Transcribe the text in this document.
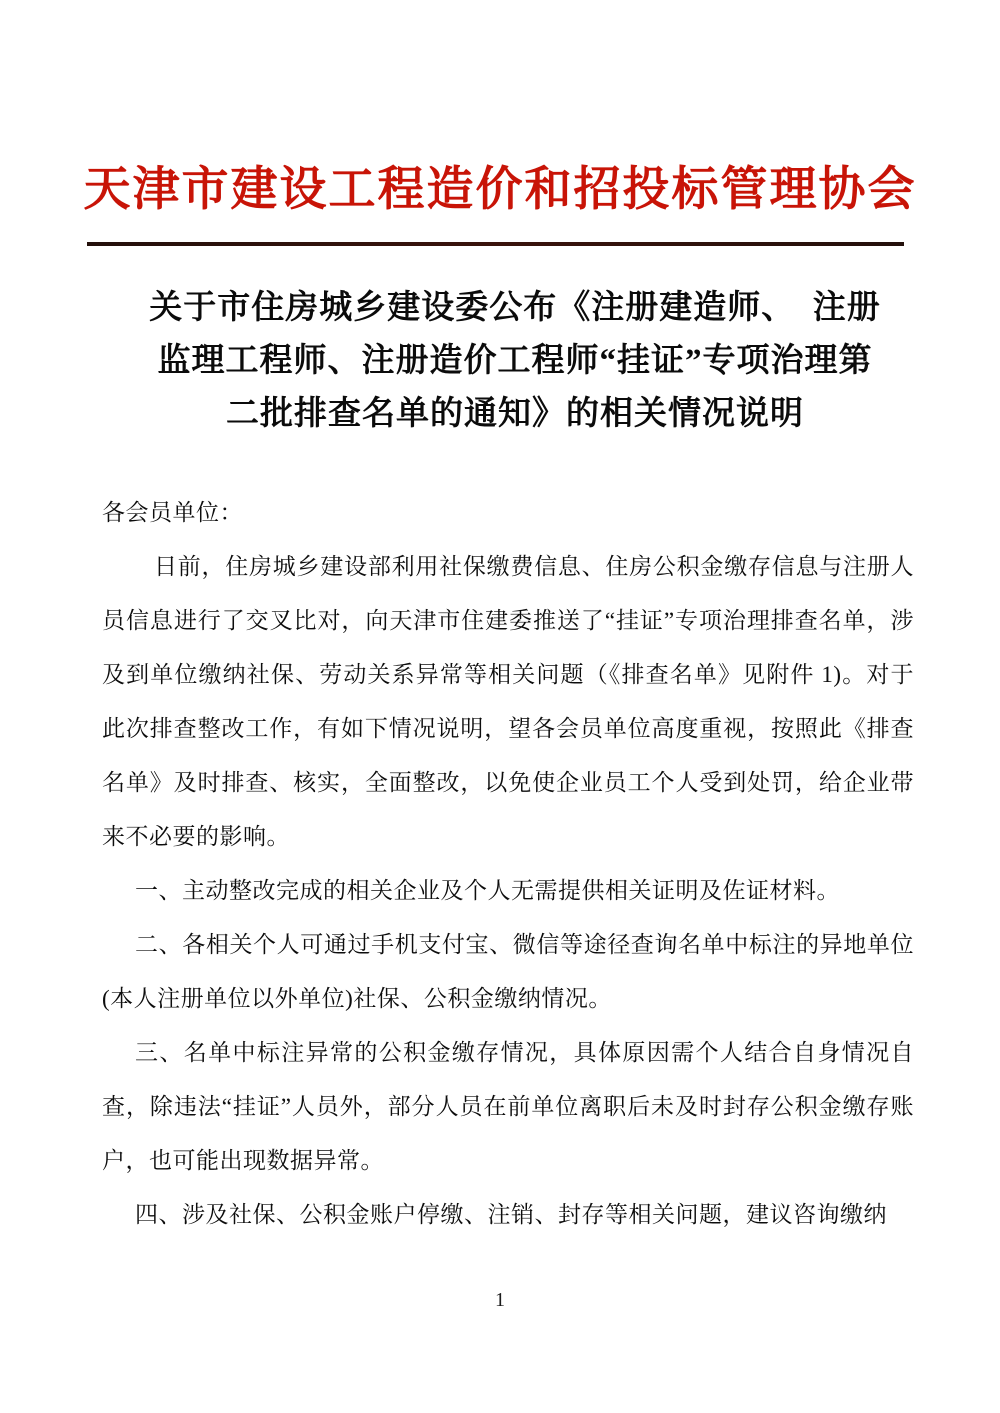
天津市建设工程造价和招投标管理协会
关于市住房城乡建设委公布《注册建造师、　注册
监理工程师、注册造价工程师“挂证”专项治理第
二批排查名单的通知》的相关情况说明
各会员单位：
日前，住房城乡建设部利用社保缴费信息、住房公积金缴存信息与注册人员信息进行了交叉比对，向天津市住建委推送了“挂证”专项治理排查名单，涉及到单位缴纳社保、劳动关系异常等相关问题（《排查名单》见附件 1)。对于此次排查整改工作，有如下情况说明，望各会员单位高度重视，按照此《排查名单》及时排查、核实，全面整改，以免使企业员工个人受到处罚，给企业带来不必要的影响。
一、主动整改完成的相关企业及个人无需提供相关证明及佐证材料。
二、各相关个人可通过手机支付宝、微信等途径查询名单中标注的异地单位(本人注册单位以外单位)社保、公积金缴纳情况。
三、名单中标注异常的公积金缴存情况，具体原因需个人结合自身情况自查，除违法“挂证”人员外，部分人员在前单位离职后未及时封存公积金缴存账户，也可能出现数据异常。
四、涉及社保、公积金账户停缴、注销、封存等相关问题，建议咨询缴纳
1
